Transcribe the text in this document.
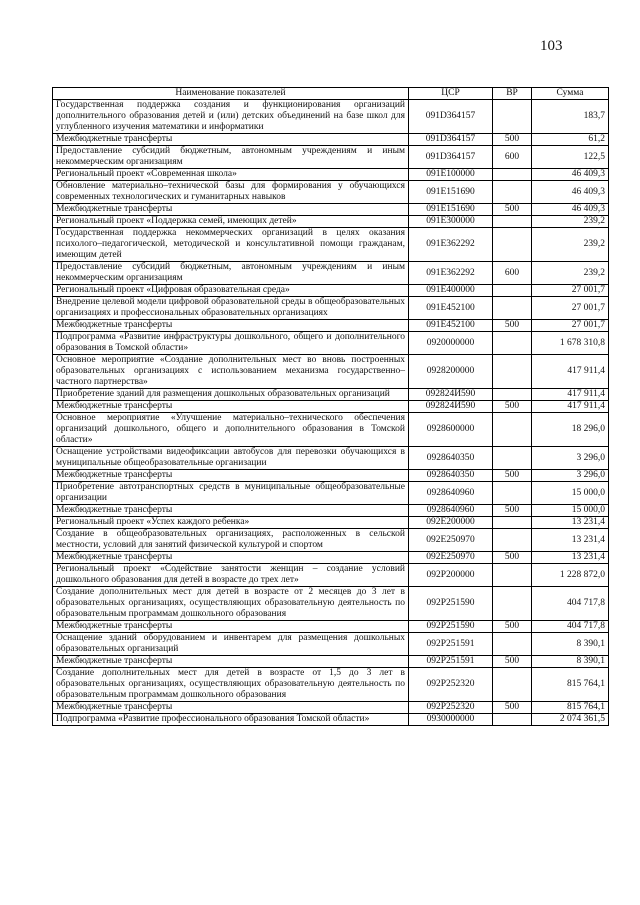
103
Наименование показателей	ЦСР	ВР	Сумма
Государственная поддержка создания и функционирования организаций дополнительного образования детей и (или) детских объединений на базе школ для углубленного изучения математики и информатики	091D364157		183,7
Межбюджетные трансферты	091D364157	500	61,2
Предоставление субсидий бюджетным, автономным учреждениям и иным некоммерческим организациям	091D364157	600	122,5
Региональный проект «Современная школа»	091E100000		46 409,3
Обновление материально–технической базы для формирования у обучающихся современных технологических и гуманитарных навыков	091E151690		46 409,3
Межбюджетные трансферты	091E151690	500	46 409,3
Региональный проект «Поддержка семей, имеющих детей»	091E300000		239,2
Государственная поддержка некоммерческих организаций в целях оказания психолого–педагогической, методической и консультативной помощи гражданам, имеющим детей	091E362292		239,2
Предоставление субсидий бюджетным, автономным учреждениям и иным некоммерческим организациям	091E362292	600	239,2
Региональный проект «Цифровая образовательная среда»	091E400000		27 001,7
Внедрение целевой модели цифровой образовательной среды в общеобразовательных организациях и профессиональных образовательных организациях	091E452100		27 001,7
Межбюджетные трансферты	091E452100	500	27 001,7
Подпрограмма «Развитие инфраструктуры дошкольного, общего и дополнительного образования в Томской области»	0920000000		1 678 310,8
Основное мероприятие «Создание дополнительных мест во вновь построенных образовательных организациях с использованием механизма государственно–частного партнерства»	0928200000		417 911,4
Приобретение зданий для размещения дошкольных образовательных организаций	092824И590		417 911,4
Межбюджетные трансферты	092824И590	500	417 911,4
Основное мероприятие «Улучшение материально–технического обеспечения организаций дошкольного, общего и дополнительного образования в Томской области»	0928600000		18 296,0
Оснащение устройствами видеофиксации автобусов для перевозки обучающихся в муниципальные общеобразовательные организации	0928640350		3 296,0
Межбюджетные трансферты	0928640350	500	3 296,0
Приобретение автотранспортных средств в муниципальные общеобразовательные организации	0928640960		15 000,0
Межбюджетные трансферты	0928640960	500	15 000,0
Региональный проект «Успех каждого ребенка»	092E200000		13 231,4
Создание в общеобразовательных организациях, расположенных в сельской местности, условий для занятий физической культурой и спортом	092E250970		13 231,4
Межбюджетные трансферты	092E250970	500	13 231,4
Региональный проект «Содействие занятости женщин – создание условий дошкольного образования для детей в возрасте до трех лет»	092P200000		1 228 872,0
Создание дополнительных мест для детей в возрасте от 2 месяцев до 3 лет в образовательных организациях, осуществляющих образовательную деятельность по образовательным программам дошкольного образования	092P251590		404 717,8
Межбюджетные трансферты	092P251590	500	404 717,8
Оснащение зданий оборудованием и инвентарем для размещения дошкольных образовательных организаций	092P251591		8 390,1
Межбюджетные трансферты	092P251591	500	8 390,1
Создание дополнительных мест для детей в возрасте от 1,5 до 3 лет в образовательных организациях, осуществляющих образовательную деятельность по образовательным программам дошкольного образования	092P252320		815 764,1
Межбюджетные трансферты	092P252320	500	815 764,1
Подпрограмма «Развитие профессионального образования Томской области»	0930000000		2 074 361,5
